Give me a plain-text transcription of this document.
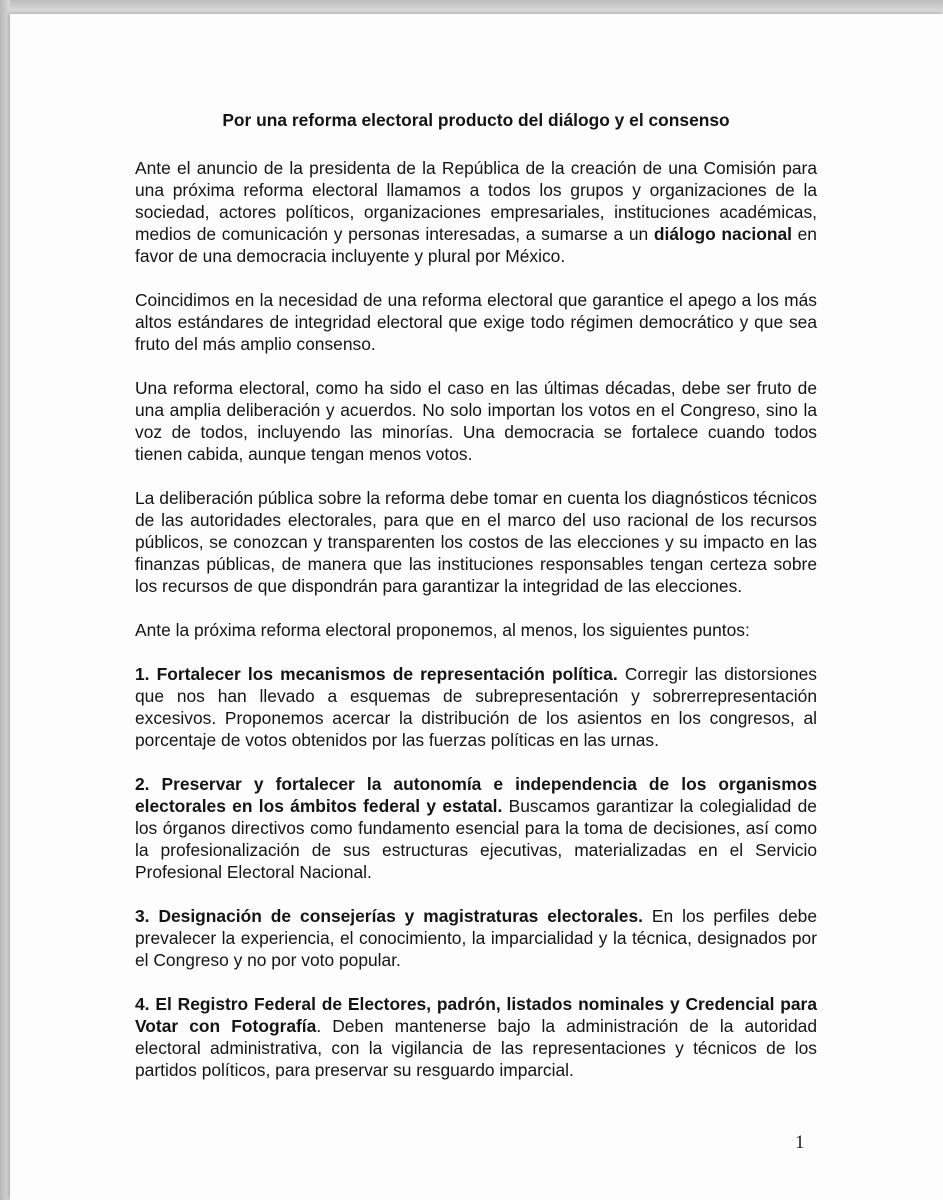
Por una reforma electoral producto del diálogo y el consenso

Ante el anuncio de la presidenta de la República de la creación de una Comisión para una próxima reforma electoral llamamos a todos los grupos y organizaciones de la sociedad, actores políticos, organizaciones empresariales, instituciones académicas, medios de comunicación y personas interesadas, a sumarse a un diálogo nacional en favor de una democracia incluyente y plural por México.

Coincidimos en la necesidad de una reforma electoral que garantice el apego a los más altos estándares de integridad electoral que exige todo régimen democrático y que sea fruto del más amplio consenso.

Una reforma electoral, como ha sido el caso en las últimas décadas, debe ser fruto de una amplia deliberación y acuerdos. No solo importan los votos en el Congreso, sino la voz de todos, incluyendo las minorías. Una democracia se fortalece cuando todos tienen cabida, aunque tengan menos votos.

La deliberación pública sobre la reforma debe tomar en cuenta los diagnósticos técnicos de las autoridades electorales, para que en el marco del uso racional de los recursos públicos, se conozcan y transparenten los costos de las elecciones y su impacto en las finanzas públicas, de manera que las instituciones responsables tengan certeza sobre los recursos de que dispondrán para garantizar la integridad de las elecciones.

Ante la próxima reforma electoral proponemos, al menos, los siguientes puntos:

1. Fortalecer los mecanismos de representación política. Corregir las distorsiones que nos han llevado a esquemas de subrepresentación y sobrerrepresentación excesivos. Proponemos acercar la distribución de los asientos en los congresos, al porcentaje de votos obtenidos por las fuerzas políticas en las urnas.

2. Preservar y fortalecer la autonomía e independencia de los organismos electorales en los ámbitos federal y estatal. Buscamos garantizar la colegialidad de los órganos directivos como fundamento esencial para la toma de decisiones, así como la profesionalización de sus estructuras ejecutivas, materializadas en el Servicio Profesional Electoral Nacional.

3. Designación de consejerías y magistraturas electorales. En los perfiles debe prevalecer la experiencia, el conocimiento, la imparcialidad y la técnica, designados por el Congreso y no por voto popular.

4. El Registro Federal de Electores, padrón, listados nominales y Credencial para Votar con Fotografía. Deben mantenerse bajo la administración de la autoridad electoral administrativa, con la vigilancia de las representaciones y técnicos de los partidos políticos, para preservar su resguardo imparcial.

1
